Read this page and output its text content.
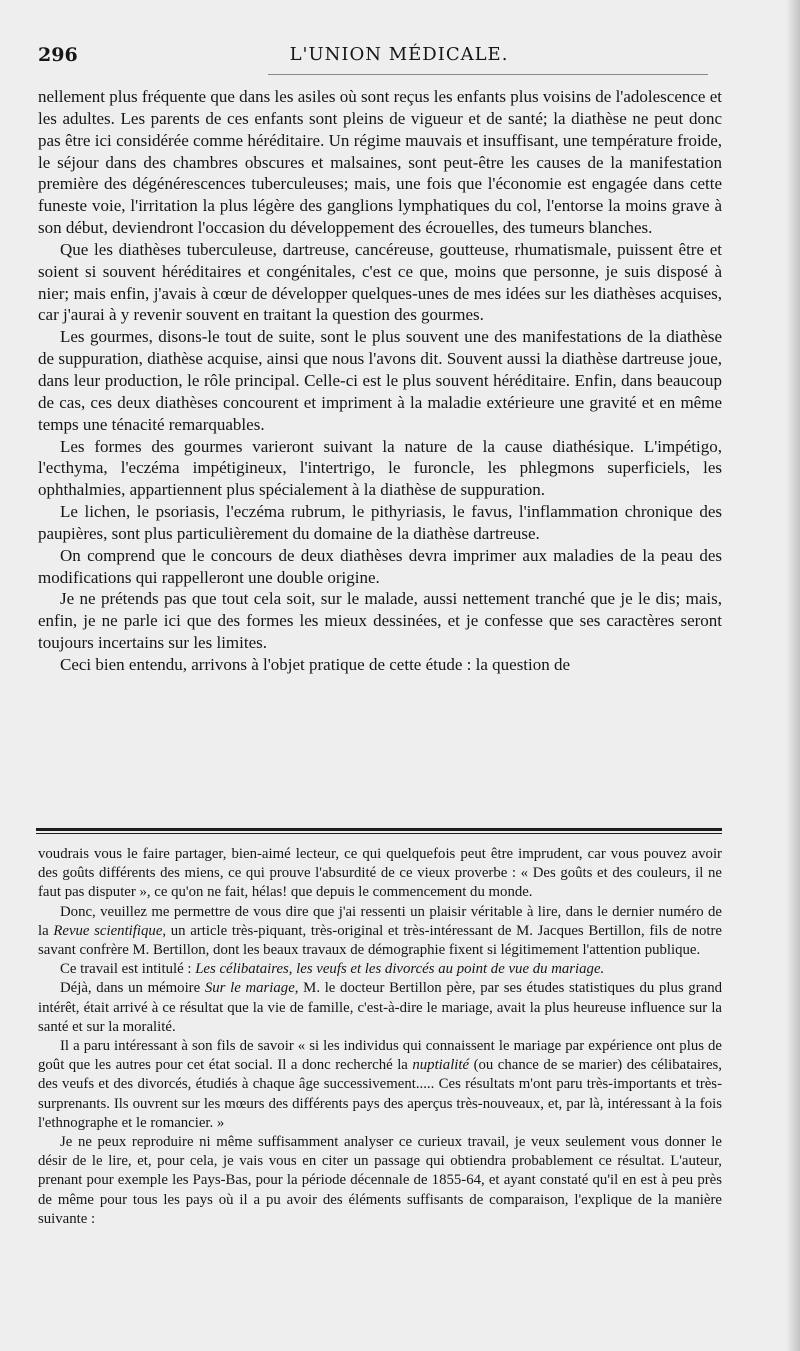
296	L'UNION MÉDICALE.

nellement plus fréquente que dans les asiles où sont reçus les enfants plus voisins de l'adolescence et les adultes. Les parents de ces enfants sont pleins de vigueur et de santé; la diathèse ne peut donc pas être ici considérée comme héréditaire. Un régime mauvais et insuffisant, une température froide, le séjour dans des chambres obscures et malsaines, sont peut-être les causes de la manifestation première des dégénérescences tuberculeuses; mais, une fois que l'économie est engagée dans cette funeste voie, l'irritation la plus légère des ganglions lymphatiques du col, l'entorse la moins grave à son début, deviendront l'occasion du développement des écrouelles, des tumeurs blanches.

Que les diathèses tuberculeuse, dartreuse, cancéreuse, goutteuse, rhumatismale, puissent être et soient si souvent héréditaires et congénitales, c'est ce que, moins que personne, je suis disposé à nier; mais enfin, j'avais à cœur de développer quelques-unes de mes idées sur les diathèses acquises, car j'aurai à y revenir souvent en traitant la question des gourmes.

Les gourmes, disons-le tout de suite, sont le plus souvent une des manifestations de la diathèse de suppuration, diathèse acquise, ainsi que nous l'avons dit. Souvent aussi la diathèse dartreuse joue, dans leur production, le rôle principal. Celle-ci est le plus souvent héréditaire. Enfin, dans beaucoup de cas, ces deux diathèses concourent et impriment à la maladie extérieure une gravité et en même temps une ténacité remarquables.

Les formes des gourmes varieront suivant la nature de la cause diathésique. L'impétigo, l'ecthyma, l'eczéma impétigineux, l'intertrigo, le furoncle, les phlegmons superficiels, les ophthalmies, appartiennent plus spécialement à la diathèse de suppuration.

Le lichen, le psoriasis, l'eczéma rubrum, le pithyriasis, le favus, l'inflammation chronique des paupières, sont plus particulièrement du domaine de la diathèse dartreuse.

On comprend que le concours de deux diathèses devra imprimer aux maladies de la peau des modifications qui rappelleront une double origine.

Je ne prétends pas que tout cela soit, sur le malade, aussi nettement tranché que je le dis; mais, enfin, je ne parle ici que des formes les mieux dessinées, et je confesse que ses caractères seront toujours incertains sur les limites.

Ceci bien entendu, arrivons à l'objet pratique de cette étude : la question de

voudrais vous le faire partager, bien-aimé lecteur, ce qui quelquefois peut être imprudent, car vous pouvez avoir des goûts différents des miens, ce qui prouve l'absurdité de ce vieux proverbe : « Des goûts et des couleurs, il ne faut pas disputer », ce qu'on ne fait, hélas! que depuis le commencement du monde.

Donc, veuillez me permettre de vous dire que j'ai ressenti un plaisir véritable à lire, dans le dernier numéro de la Revue scientifique, un article très-piquant, très-original et très-intéressant de M. Jacques Bertillon, fils de notre savant confrère M. Bertillon, dont les beaux travaux de démographie fixent si légitimement l'attention publique.

Ce travail est intitulé : Les célibataires, les veufs et les divorcés au point de vue du mariage.

Déjà, dans un mémoire Sur le mariage, M. le docteur Bertillon père, par ses études statistiques du plus grand intérêt, était arrivé à ce résultat que la vie de famille, c'est-à-dire le mariage, avait la plus heureuse influence sur la santé et sur la moralité.

Il a paru intéressant à son fils de savoir « si les individus qui connaissent le mariage par expérience ont plus de goût que les autres pour cet état social. Il a donc recherché la nuptialité (ou chance de se marier) des célibataires, des veufs et des divorcés, étudiés à chaque âge successivement..... Ces résultats m'ont paru très-importants et très-surprenants. Ils ouvrent sur les mœurs des différents pays des aperçus très-nouveaux, et, par là, intéressant à la fois l'ethnographe et le romancier. »

Je ne peux reproduire ni même suffisamment analyser ce curieux travail, je veux seulement vous donner le désir de le lire, et, pour cela, je vais vous en citer un passage qui obtiendra probablement ce résultat. L'auteur, prenant pour exemple les Pays-Bas, pour la période décennale de 1855-64, et ayant constaté qu'il en est à peu près de même pour tous les pays où il a pu avoir des éléments suffisants de comparaison, l'explique de la manière suivante :
